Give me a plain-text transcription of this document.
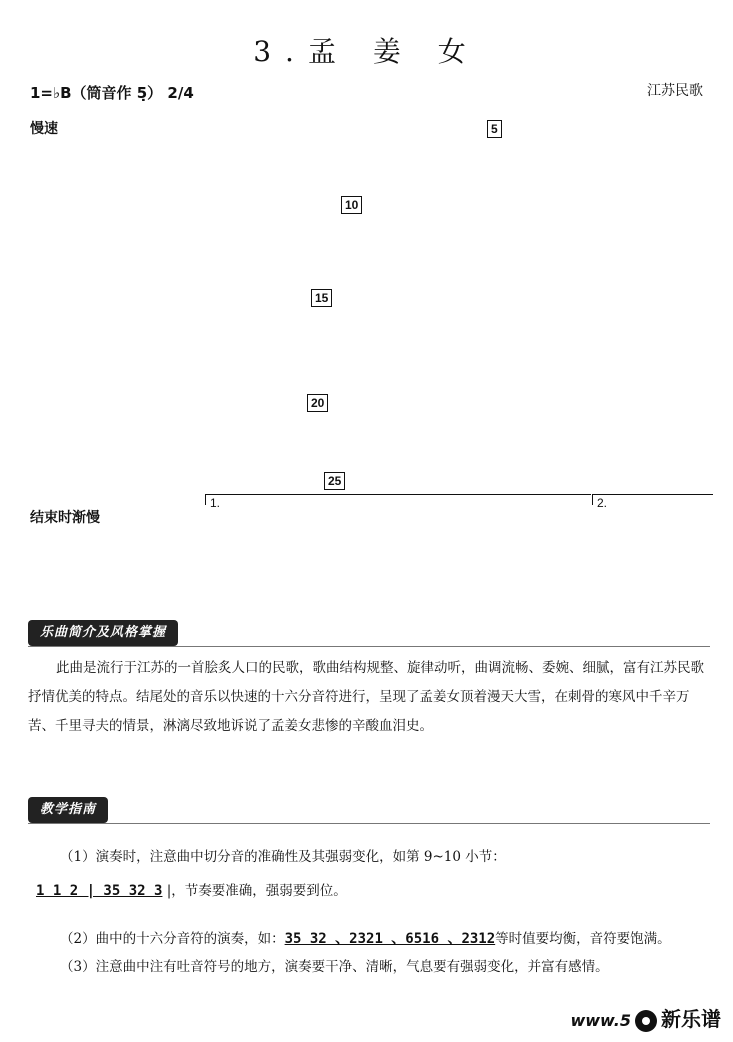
3.孟 姜 女
1=♭B（筒音作 5̣） 2/4	江苏民歌
慢速	5
10
15
20
25

1.	2.
结束时渐慢

乐曲简介及风格掌握
此曲是流行于江苏的一首脍炙人口的民歌，歌曲结构规整、旋律动听，曲调流畅、委婉、细腻，富有江苏民歌抒情优美的特点。结尾处的音乐以快速的十六分音符进行，呈现了孟姜女顶着漫天大雪，在刺骨的寒风中千辛万苦、千里寻夫的情景，淋漓尽致地诉说了孟姜女悲惨的辛酸血泪史。
教学指南
（1）演奏时，注意曲中切分音的准确性及其强弱变化，如第 9~10 小节：
1 1 2 | 35 32 3 |，节奏要准确，强弱要到位。
（2）曲中的十六分音符的演奏，如：35 32 、2321 、6516 、2312等时值要均衡，音符要饱满。
（3）注意曲中注有吐音符号的地方，演奏要干净、清晰，气息要有强弱变化，并富有感情。
www.5 新乐谱
